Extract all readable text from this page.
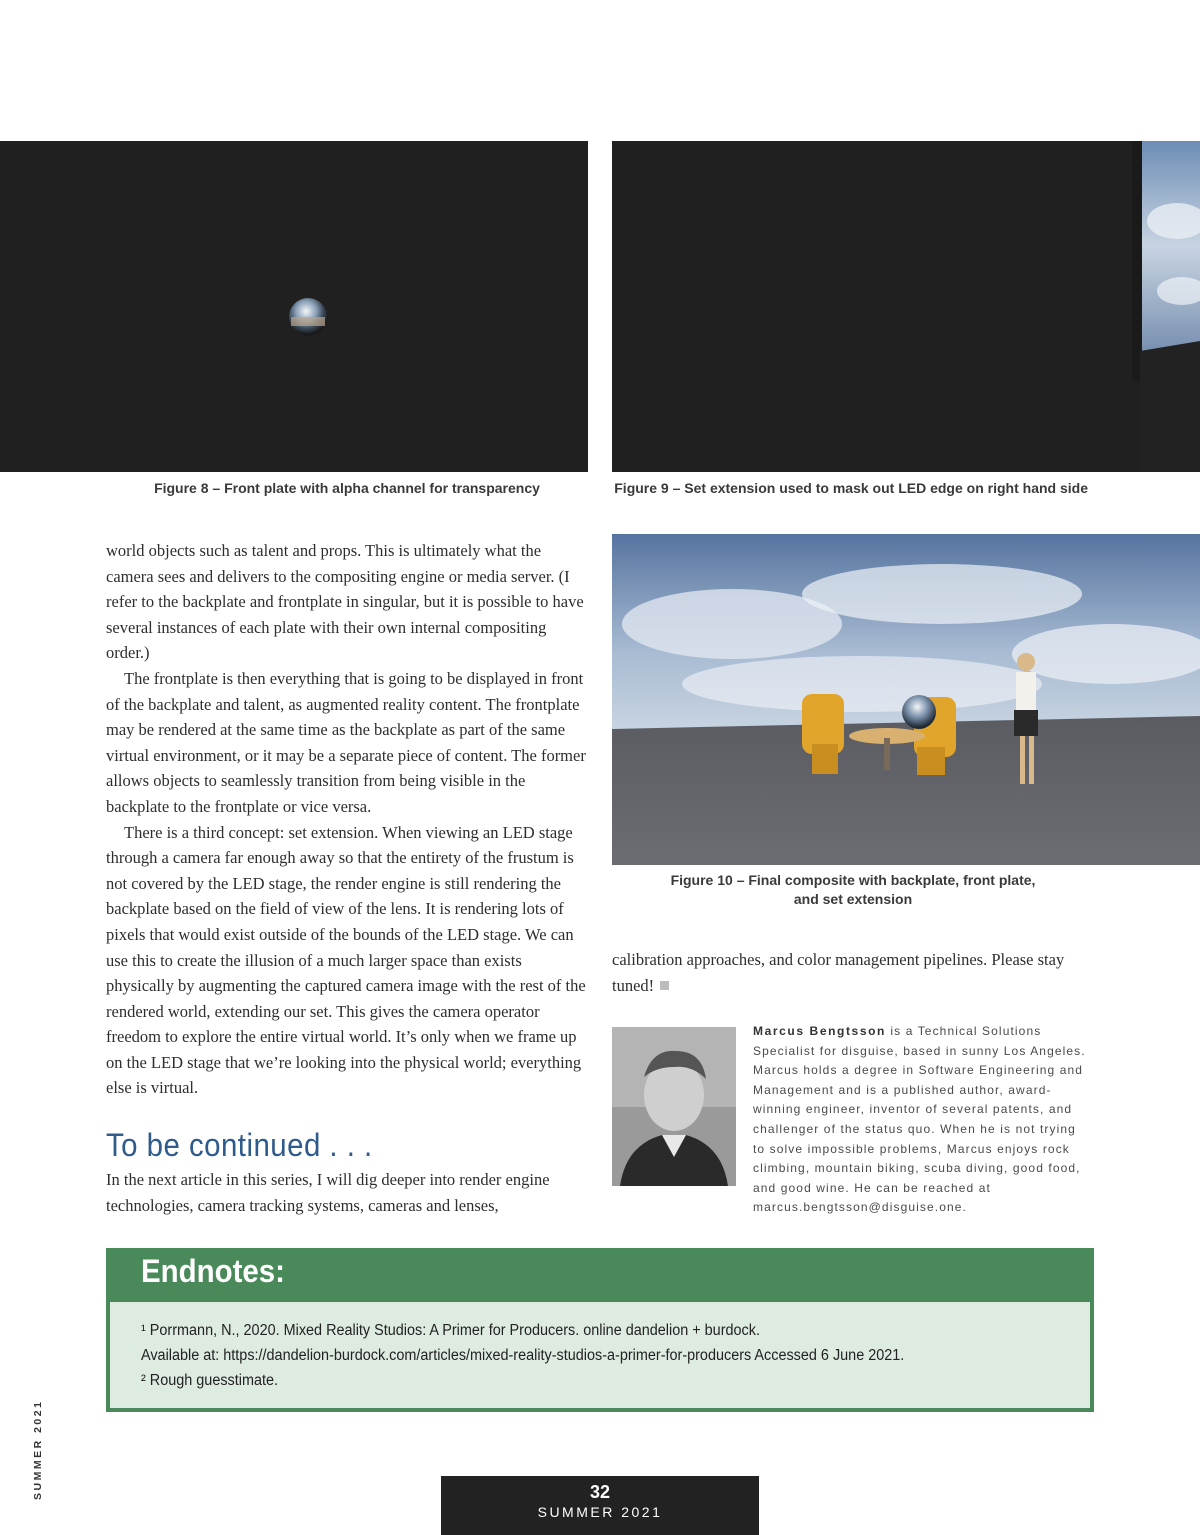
Figure 8 – Front plate with alpha channel for transparency	Figure 9 – Set extension used to mask out LED edge on right hand side
Figure 10 – Final composite with backplate, front plate,
and set extension

world objects such as talent and props. This is ultimately what the camera sees and delivers to the compositing engine or media server. (I refer to the backplate and frontplate in singular, but it is possible to have several instances of each plate with their own internal compositing order.)

The frontplate is then everything that is going to be displayed in front of the backplate and talent, as augmented reality content. The frontplate may be rendered at the same time as the backplate as part of the same virtual environment, or it may be a separate piece of content. The former allows objects to seamlessly transition from being visible in the backplate to the frontplate or vice versa.

There is a third concept: set extension. When viewing an LED stage through a camera far enough away so that the entirety of the frustum is not covered by the LED stage, the render engine is still rendering the backplate based on the field of view of the lens. It is rendering lots of pixels that would exist outside of the bounds of the LED stage. We can use this to create the illusion of a much larger space than exists physically by augmenting the captured camera image with the rest of the rendered world, extending our set. This gives the camera operator freedom to explore the entire virtual world. It’s only when we frame up on the LED stage that we’re looking into the physical world; everything else is virtual.

To be continued . . .
In the next article in this series, I will dig deeper into render engine technologies, camera tracking systems, cameras and lenses,
calibration approaches, and color management pipelines. Please stay tuned!
Marcus Bengtsson is a Technical Solutions Specialist for disguise, based in sunny Los Angeles. Marcus holds a degree in Software Engineering and Management and is a published author, award-winning engineer, inventor of several patents, and challenger of the status quo. When he is not trying to solve impossible problems, Marcus enjoys rock climbing, mountain biking, scuba diving, good food, and good wine. He can be reached at marcus.bengtsson@disguise.one.
Endnotes:
¹ Porrmann, N., 2020. Mixed Reality Studios: A Primer for Producers. online dandelion + burdock.
Available at: https://dandelion-burdock.com/articles/mixed-reality-studios-a-primer-for-producers Accessed 6 June 2021.
² Rough guesstimate.
SUMMER 2021	32
SUMMER 2021
